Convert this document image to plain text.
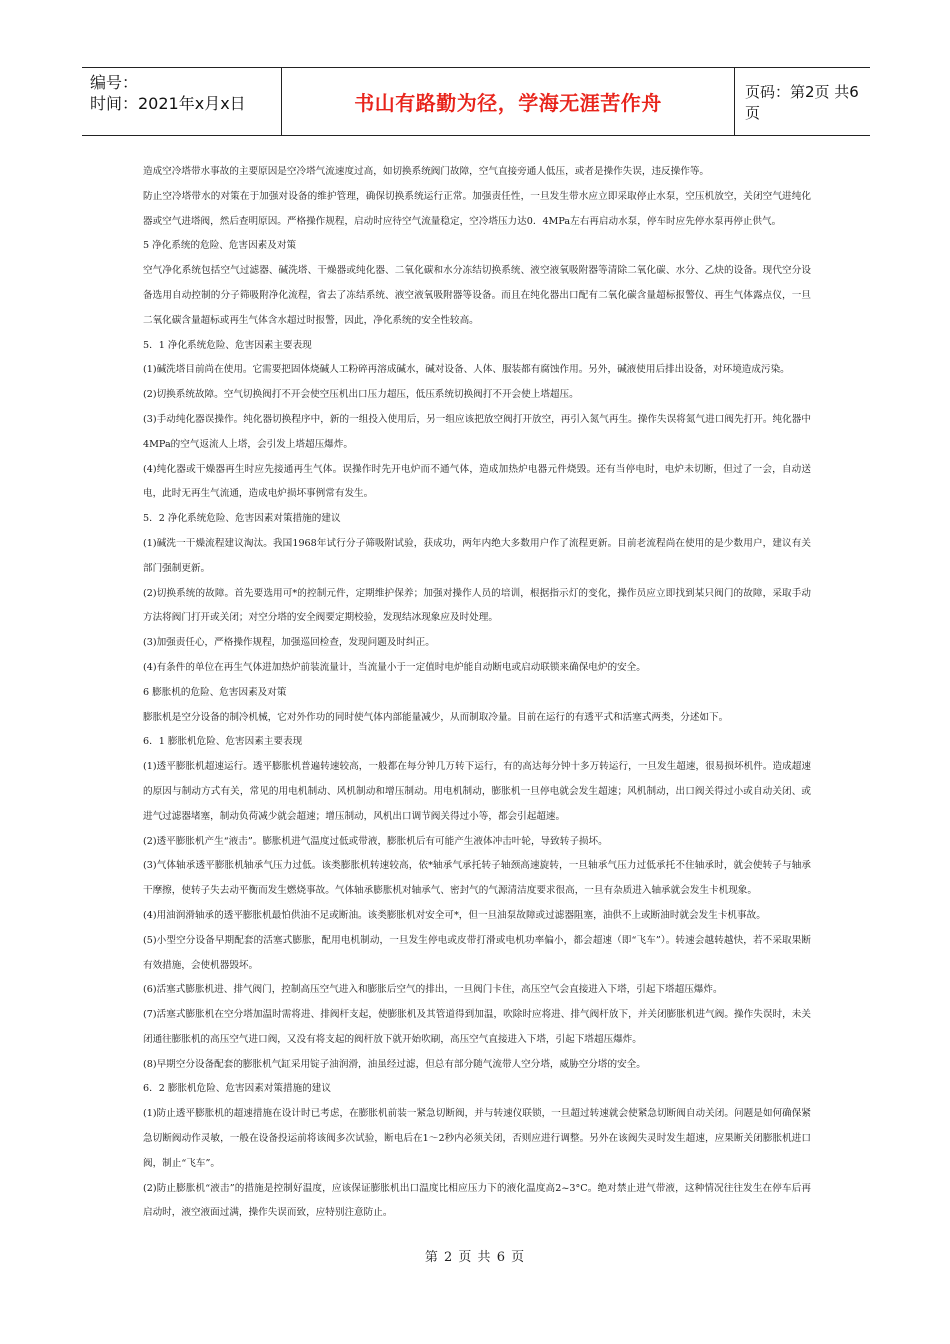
编号：
时间：2021年x月x日	书山有路勤为径，学海无涯苦作舟	页码：第2页 共6页

造成空冷塔带水事故的主要原因是空冷塔气流速度过高，如切换系统阀门故障，空气直接旁通人低压，或者是操作失误，违反操作等。

防止空冷塔带水的对策在于加强对设备的维护管理，确保切换系统运行正常。加强责任性，一旦发生带水应立即采取停止水泵，空压机放空，关闭空气进纯化器或空气进塔阀，然后查明原因。严格操作规程，启动时应待空气流量稳定，空冷塔压力达0．4MPa左右再启动水泵，停车时应先停水泵再停止供气。

5 净化系统的危险、危害因素及对策

空气净化系统包括空气过滤器、碱洗塔、干燥器或纯化器、二氧化碳和水分冻结切换系统、液空液氧吸附器等清除二氧化碳、水分、乙炔的设备。现代空分设备选用自动控制的分子筛吸附净化流程，省去了冻结系统、液空液氧吸附器等设备。而且在纯化器出口配有二氧化碳含量超标报警仪、再生气体露点仪，一旦二氧化碳含量超标或再生气体含水超过时报警，因此，净化系统的安全性较高。

5．1 净化系统危险、危害因素主要表现

(1)碱洗塔目前尚在使用。它需要把固体烧碱人工粉碎再溶成碱水，碱对设备、人体、服装都有腐蚀作用。另外，碱液使用后排出设备，对环境造成污染。

(2)切换系统故障。空气切换阀打不开会使空压机出口压力超压，低压系统切换阀打不开会使上塔超压。

(3)手动纯化器误操作。纯化器切换程序中，新的一组投入使用后，另一组应该把放空阀打开放空，再引入氮气再生。操作失误将氮气进口阀先打开。纯化器中4MPa的空气返流人上塔，会引发上塔超压爆炸。

(4)纯化器或干燥器再生时应先接通再生气体。误操作时先开电炉而不通气体，造成加热炉电器元件烧毁。还有当停电时，电炉未切断，但过了一会，自动送电，此时无再生气流通，造成电炉损坏事例常有发生。

5．2 净化系统危险、危害因素对策措施的建议

(1)碱洗一干燥流程建议淘汰。我国1968年试行分子筛吸附试验，获成功，两年内绝大多数用户作了流程更新。目前老流程尚在使用的是少数用户，建议有关部门强制更新。

(2)切换系统的故障。首先要选用可*的控制元件，定期维护保养；加强对操作人员的培训，根据指示灯的变化，操作员应立即找到某只阀门的故障，采取手动方法将阀门打开或关闭；对空分塔的安全阀要定期校验，发现结冰现象应及时处理。

(3)加强责任心，严格操作规程，加强巡回检查，发现问题及时纠正。

(4)有条件的单位在再生气体进加热炉前装流量计，当流量小于一定值时电炉能自动断电或启动联锁来确保电炉的安全。

6 膨胀机的危险、危害因素及对策

膨胀机是空分设备的制冷机械，它对外作功的同时使气体内部能量减少，从而制取冷量。目前在运行的有透平式和活塞式两类，分述如下。

6．1 膨胀机危险、危害因素主要表现

(1)透平膨胀机超速运行。透平膨胀机普遍转速较高，一般都在每分钟几万转下运行，有的高达每分钟十多万转运行，一旦发生超速，很易损坏机件。造成超速的原因与制动方式有关，常见的用电机制动、风机制动和增压制动。用电机制动，膨胀机一旦停电就会发生超速；风机制动，出口阀关得过小或自动关闭、或进气过滤器堵塞，制动负荷减少就会超速；增压制动，风机出口调节阀关得过小等，都会引起超速。

(2)透平膨胀机产生“液击”。膨胀机进气温度过低或带液，膨胀机后有可能产生液体冲击叶轮，导致转子损坏。

(3)气体轴承透平膨胀机轴承气压力过低。该类膨胀机转速较高，依*轴承气承托转子轴颈高速旋转，一旦轴承气压力过低承托不住轴承时，就会使转子与轴承干摩擦，使转子失去动平衡而发生燃烧事故。气体轴承膨胀机对轴承气、密封气的气源清洁度要求很高，一旦有杂质进入轴承就会发生卡机现象。

(4)用油润滑轴承的透平膨胀机最怕供油不足或断油。该类膨胀机对安全可*，但一旦油泵故障或过滤器阻塞，油供不上或断油时就会发生卡机事故。

(5)小型空分设备早期配套的活塞式膨胀，配用电机制动，一旦发生停电或皮带打滑或电机功率偏小，都会超速（即“飞车”）。转速会越转越快，若不采取果断有效措施，会使机器毁坏。

(6)活塞式膨胀机进、排气阀门，控制高压空气进入和膨胀后空气的排出，一旦阀门卡住，高压空气会直接进入下塔，引起下塔超压爆炸。

(7)活塞式膨胀机在空分塔加温时需将进、排阀杆支起，使膨胀机及其管道得到加温，吹除时应将进、排气阀杆放下，并关闭膨胀机进气阀。操作失误时，未关闭通往膨胀机的高压空气进口阀，又没有将支起的阀杆放下就开始吹刷，高压空气直接进入下塔，引起下塔超压爆炸。

(8)早期空分设备配套的膨胀机气缸采用锭子油润滑，油虽经过滤，但总有部分随气流带人空分塔，威胁空分塔的安全。

6．2 膨胀机危险、危害因素对策措施的建议

(1)防止透平膨胀机的超速措施在设计时已考虑，在膨胀机前装一紧急切断阀，并与转速仪联锁，一旦超过转速就会使紧急切断阀自动关闭。问题是如何确保紧急切断阀动作灵敏，一般在设备投运前将该阀多次试验，断电后在1～2秒内必须关闭，否则应进行调整。另外在该阀失灵时发生超速，应果断关闭膨胀机进口阀，制止“飞车”。

(2)防止膨胀机“液击”的措施是控制好温度，应该保证膨胀机出口温度比相应压力下的液化温度高2~3°C。绝对禁止进气带液，这种情况往往发生在停车后再启动时，液空液面过满，操作失误而致，应特别注意防止。

第 2 页 共 6 页
